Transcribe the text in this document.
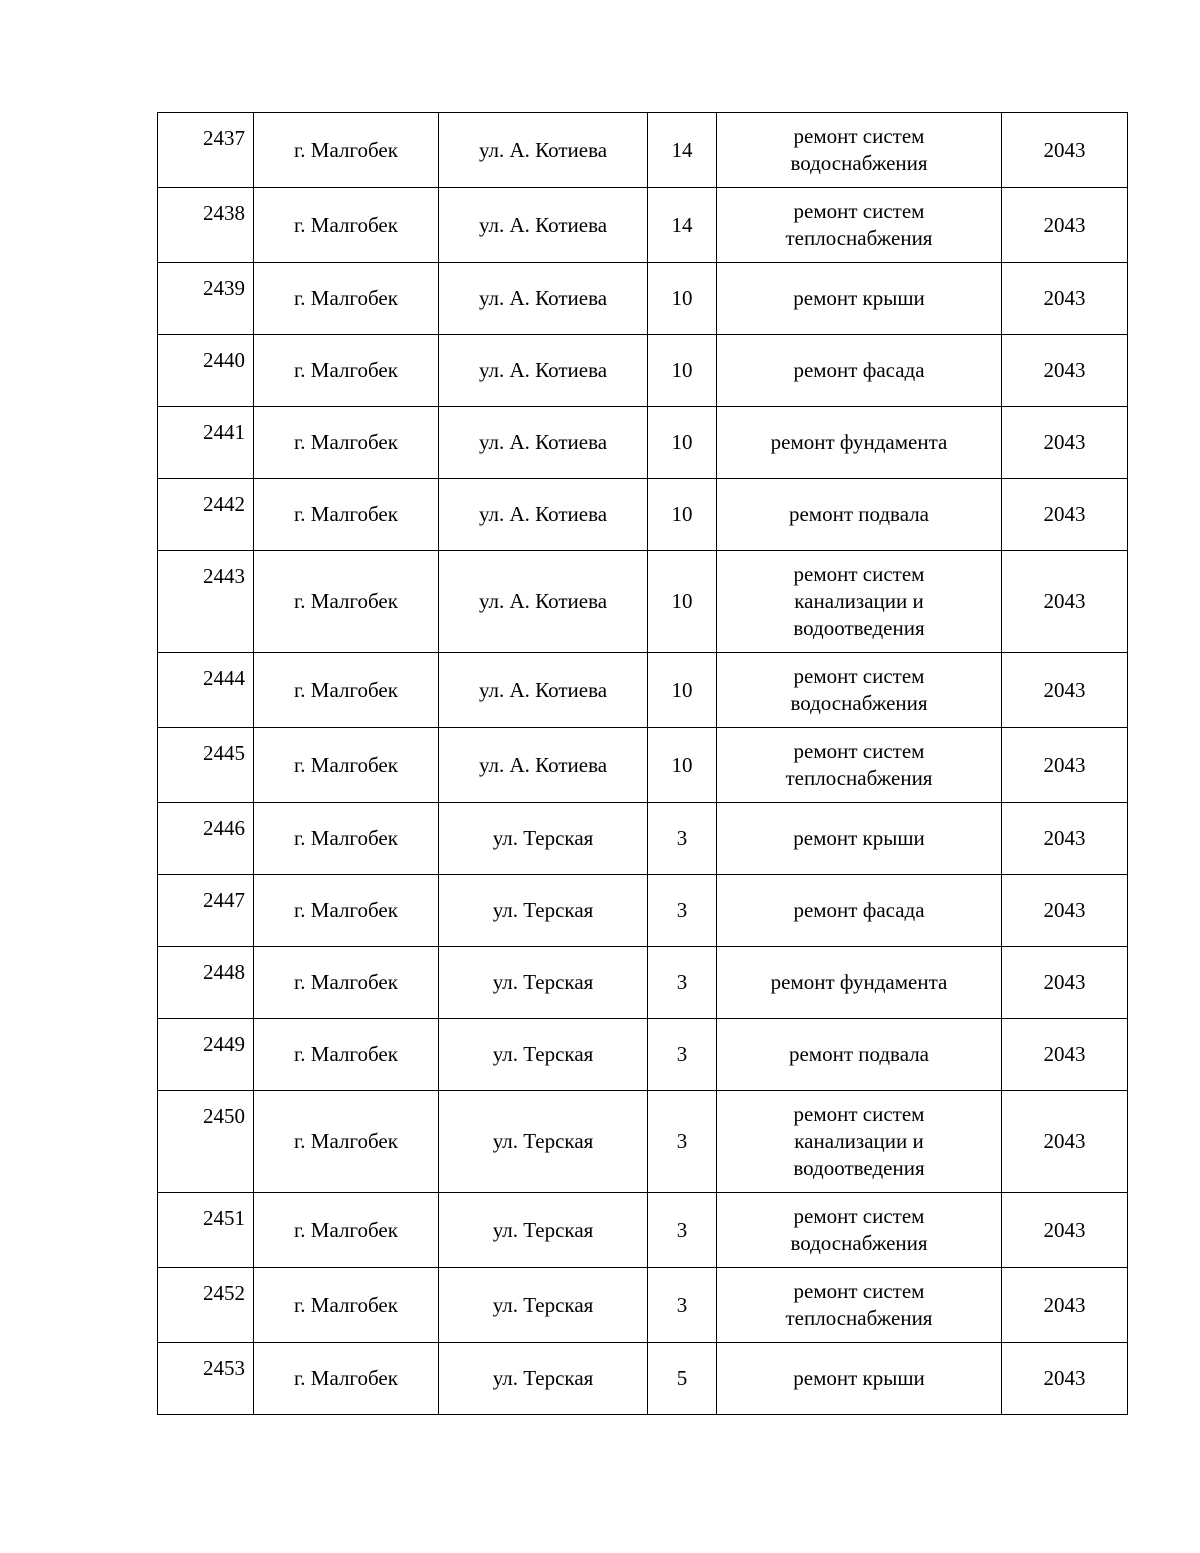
2437	г. Малгобек	ул. А. Котиева	14	ремонт систем
водоснабжения	2043
2438	г. Малгобек	ул. А. Котиева	14	ремонт систем
теплоснабжения	2043
2439	г. Малгобек	ул. А. Котиева	10	ремонт крыши	2043
2440	г. Малгобек	ул. А. Котиева	10	ремонт фасада	2043
2441	г. Малгобек	ул. А. Котиева	10	ремонт фундамента	2043
2442	г. Малгобек	ул. А. Котиева	10	ремонт подвала	2043
2443	г. Малгобек	ул. А. Котиева	10	ремонт систем
канализации и
водоотведения	2043
2444	г. Малгобек	ул. А. Котиева	10	ремонт систем
водоснабжения	2043
2445	г. Малгобек	ул. А. Котиева	10	ремонт систем
теплоснабжения	2043
2446	г. Малгобек	ул. Терская	3	ремонт крыши	2043
2447	г. Малгобек	ул. Терская	3	ремонт фасада	2043
2448	г. Малгобек	ул. Терская	3	ремонт фундамента	2043
2449	г. Малгобек	ул. Терская	3	ремонт подвала	2043
2450	г. Малгобек	ул. Терская	3	ремонт систем
канализации и
водоотведения	2043
2451	г. Малгобек	ул. Терская	3	ремонт систем
водоснабжения	2043
2452	г. Малгобек	ул. Терская	3	ремонт систем
теплоснабжения	2043
2453	г. Малгобек	ул. Терская	5	ремонт крыши	2043
